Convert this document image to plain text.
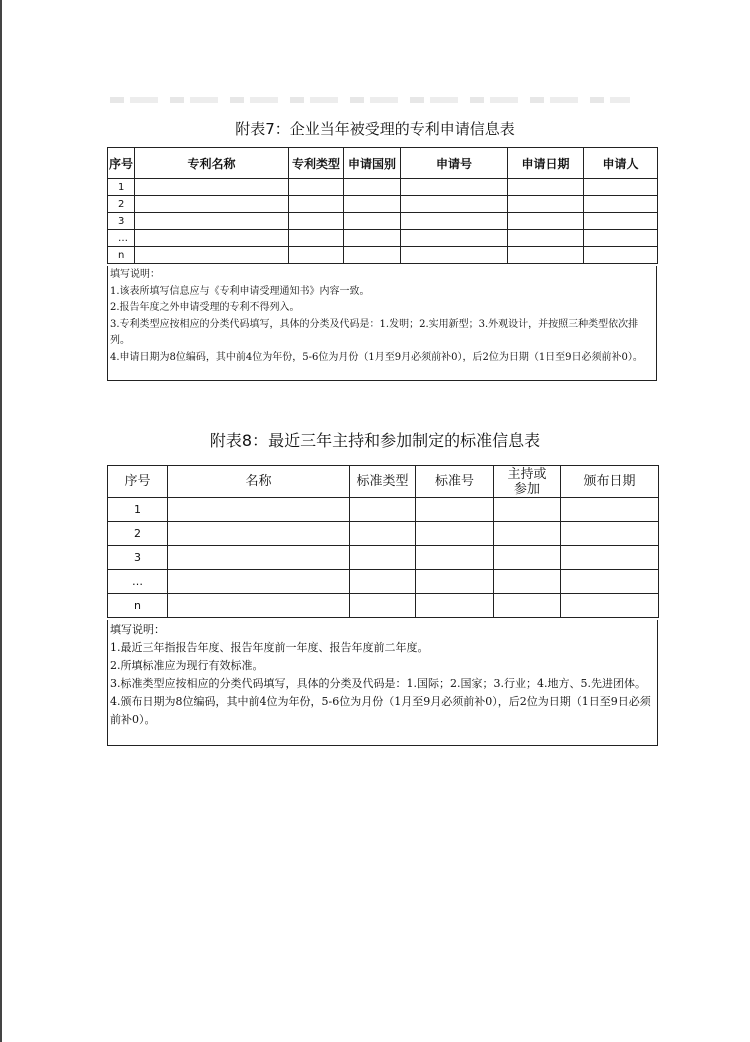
附表7：企业当年被受理的专利申请信息表
序号	专利名称	专利类型	申请国别	申请号	申请日期	申请人
1						
2						
3						
…						
n						
填写说明：
1.该表所填写信息应与《专利申请受理通知书》内容一致。
2.报告年度之外申请受理的专利不得列入。
3.专利类型应按相应的分类代码填写，具体的分类及代码是：1.发明；2.实用新型；3.外观设计，并按照三种类型依次排列。
4.申请日期为8位编码，其中前4位为年份，5-6位为月份（1月至9月必须前补0），后2位为日期（1日至9日必须前补0）。
附表8：最近三年主持和参加制定的标准信息表
序号	名称	标准类型	标准号	主持或参加	颁布日期
1					
2					
3					
…					
n					
填写说明：
1.最近三年指报告年度、报告年度前一年度、报告年度前二年度。
2.所填标准应为现行有效标准。
3.标准类型应按相应的分类代码填写，具体的分类及代码是：1.国际；2.国家；3.行业；4.地方、5.先进团体。
4.颁布日期为8位编码，其中前4位为年份，5-6位为月份（1月至9月必须前补0），后2位为日期（1日至9日必须前补0）。
